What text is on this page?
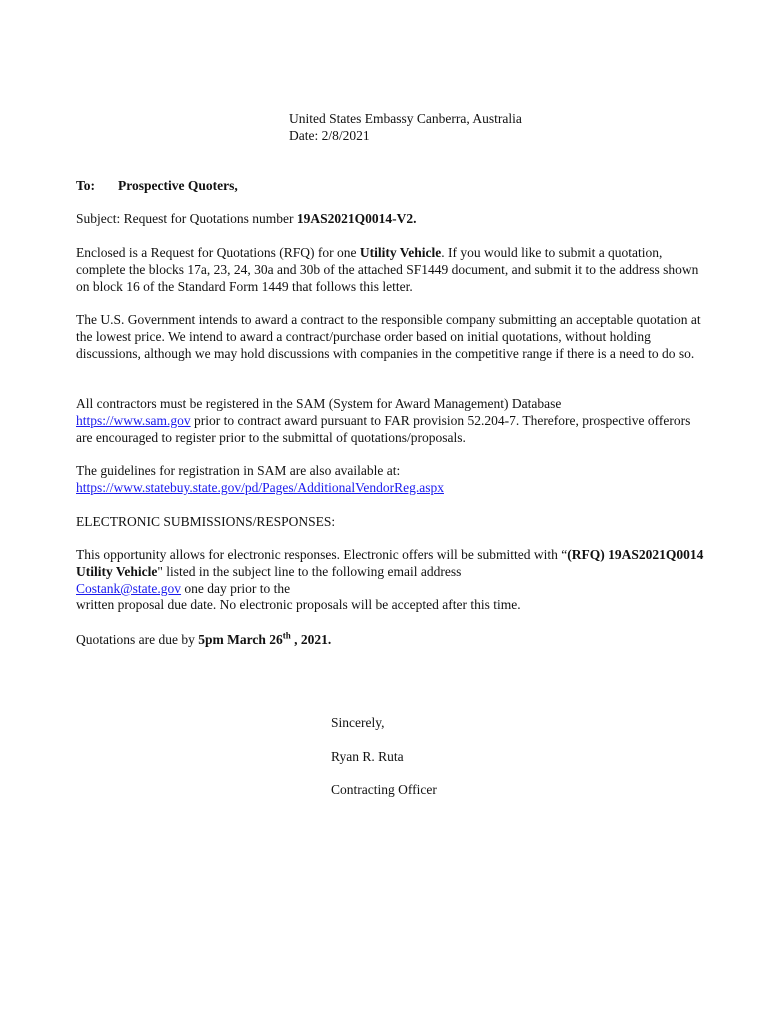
United States Embassy Canberra, Australia
Date: 2/8/2021
To: Prospective Quoters,

Subject: Request for Quotations number 19AS2021Q0014-V2.

Enclosed is a Request for Quotations (RFQ) for one Utility Vehicle. If you would like to submit a quotation, complete the blocks 17a, 23, 24, 30a and 30b of the attached SF1449 document, and submit it to the address shown on block 16 of the Standard Form 1449 that follows this letter.

The U.S. Government intends to award a contract to the responsible company submitting an acceptable quotation at the lowest price. We intend to award a contract/purchase order based on initial quotations, without holding discussions, although we may hold discussions with companies in the competitive range if there is a need to do so.

All contractors must be registered in the SAM (System for Award Management) Database
https://www.sam.gov prior to contract award pursuant to FAR provision 52.204-7. Therefore, prospective offerors are encouraged to register prior to the submittal of quotations/proposals.

The guidelines for registration in SAM are also available at:
https://www.statebuy.state.gov/pd/Pages/AdditionalVendorReg.aspx

ELECTRONIC SUBMISSIONS/RESPONSES:

This opportunity allows for electronic responses. Electronic offers will be submitted with “(RFQ) 19AS2021Q0014 Utility Vehicle" listed in the subject line to the following email address
Costank@state.gov one day prior to the
written proposal due date. No electronic proposals will be accepted after this time.

Quotations are due by 5pm March 26th , 2021.

Sincerely,
Ryan R. Ruta
Contracting Officer
